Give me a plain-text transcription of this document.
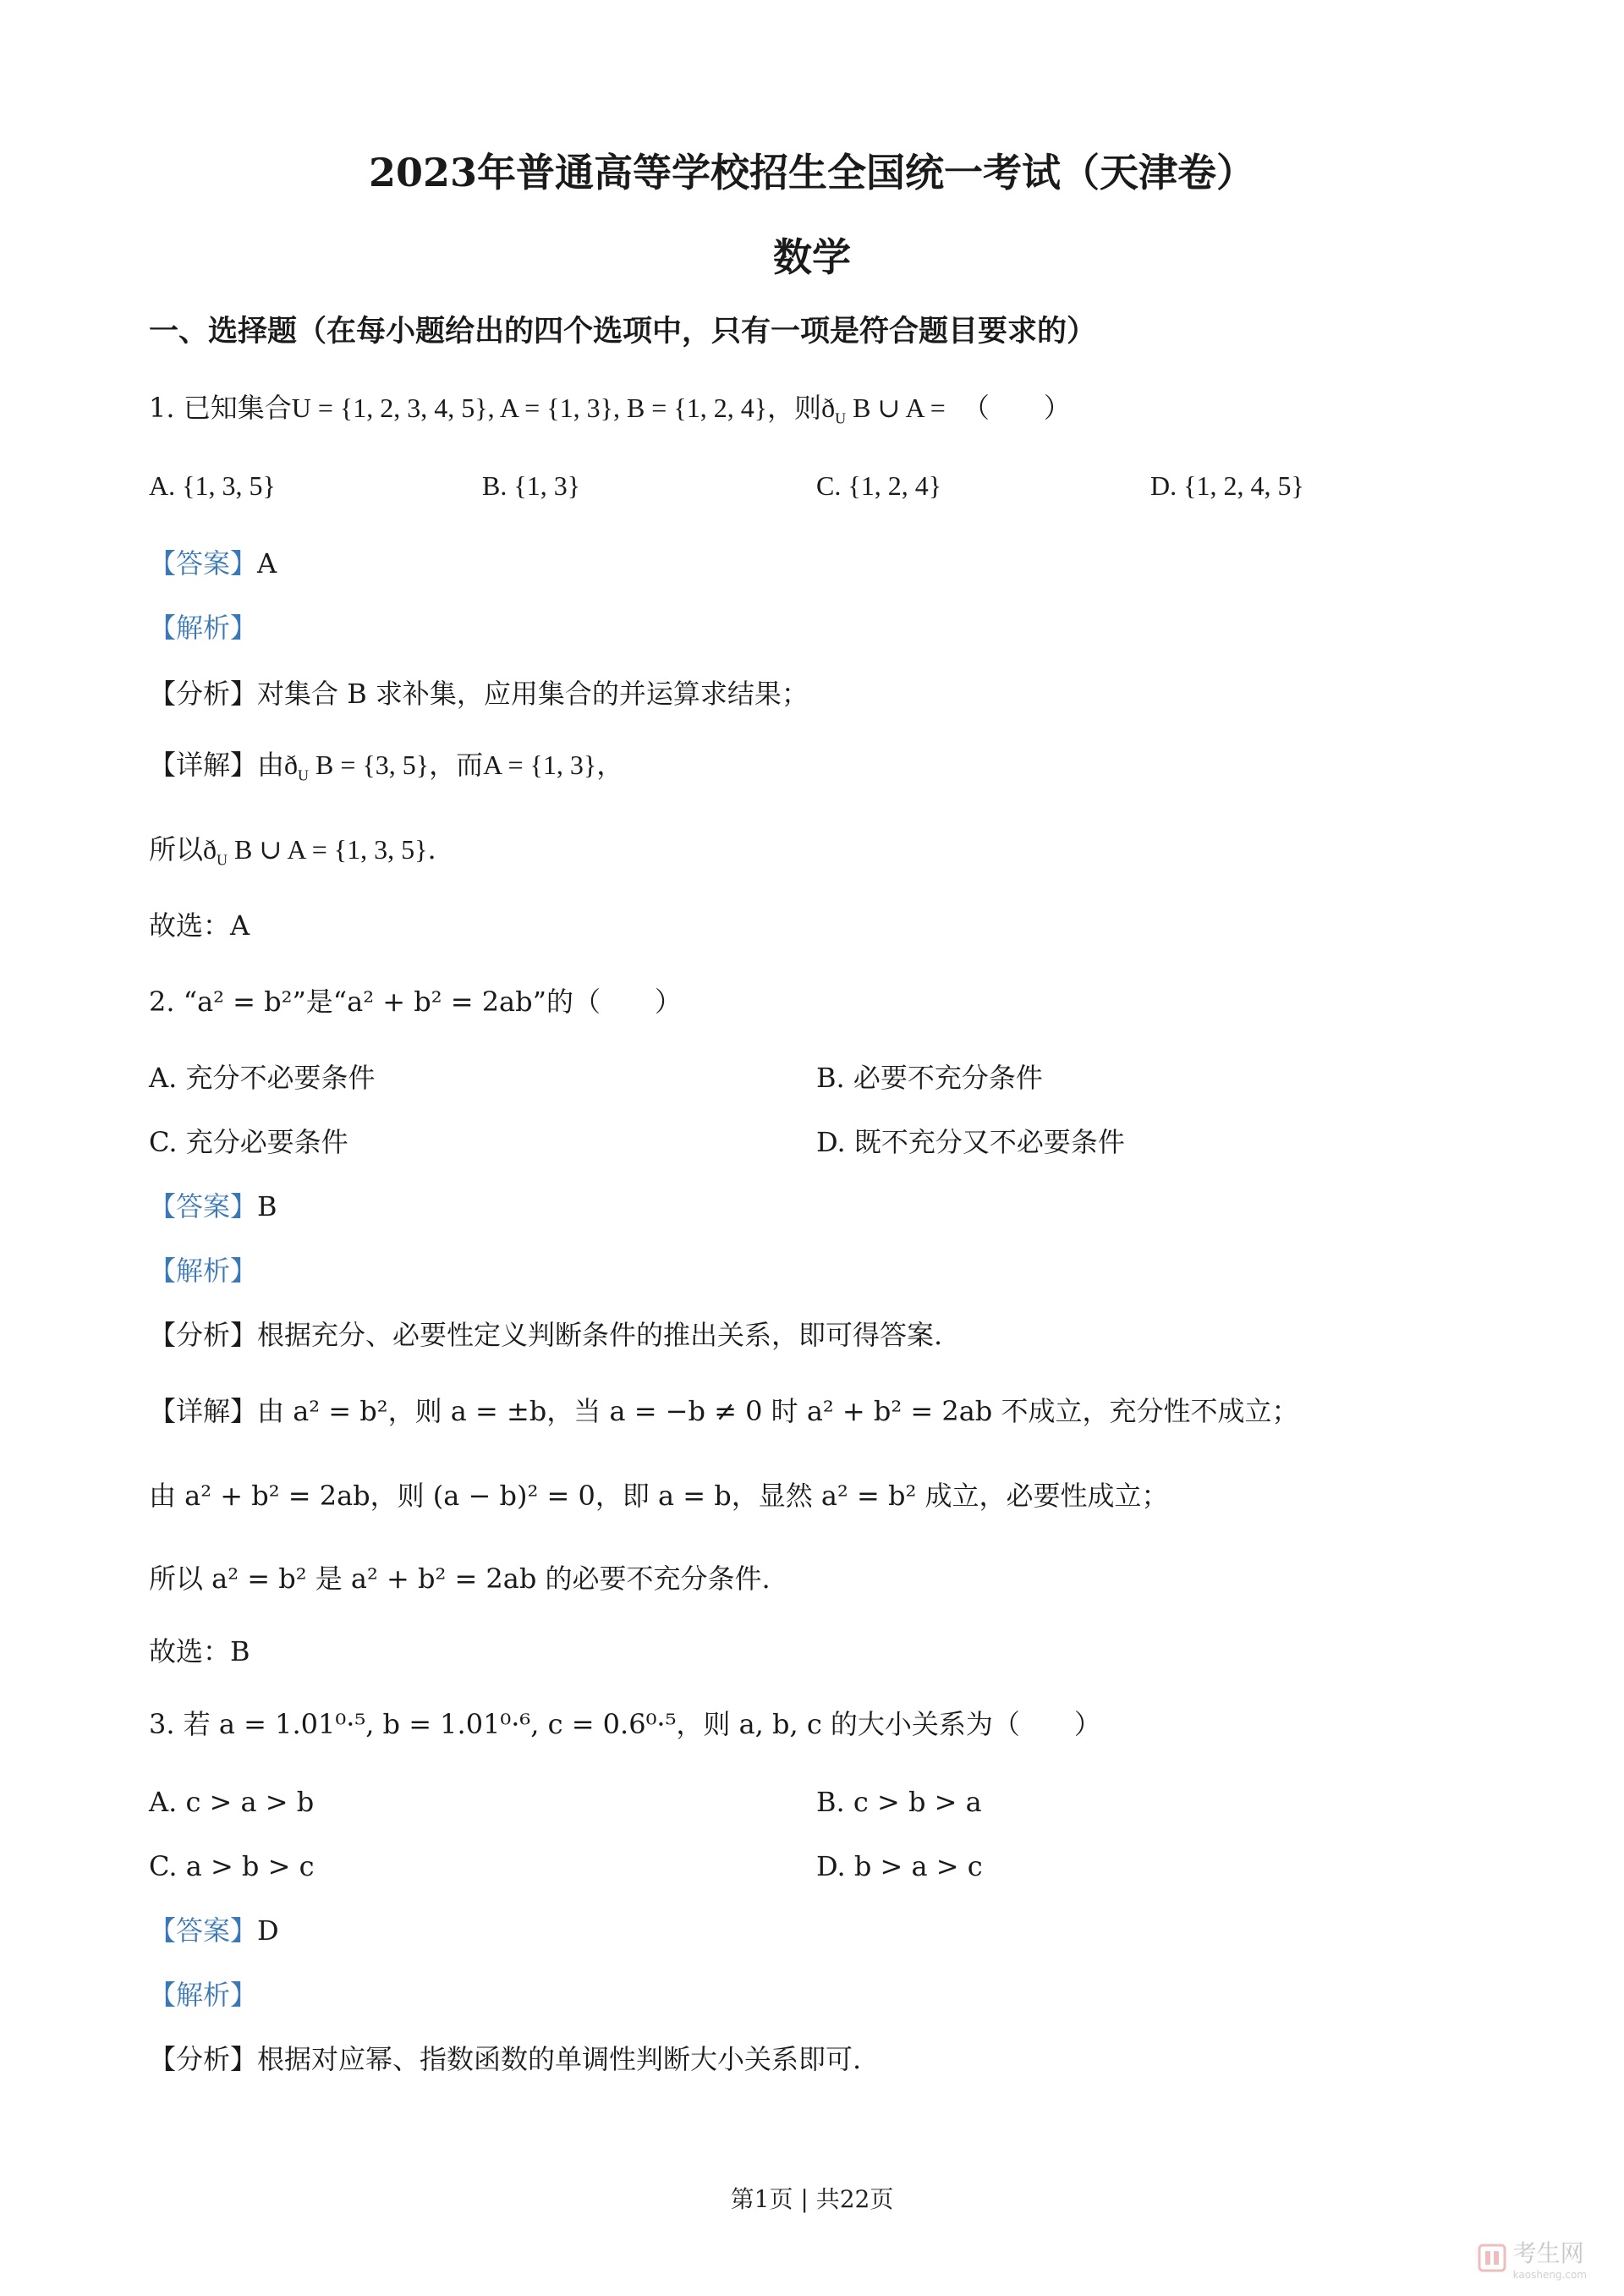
2023年普通高等学校招生全国统一考试（天津卷）
数学
一、选择题（在每小题给出的四个选项中，只有一项是符合题目要求的）
1. 已知集合U = {1, 2, 3, 4, 5}, A = {1, 3}, B = {1, 2, 4}，则$ð_U$ B ∪ A = （　　）
A. {1, 3, 5}	B. {1, 3}	C. {1, 2, 4}	D. {1, 2, 4, 5}
【答案】A
【解析】
【分析】对集合 B 求补集，应用集合的并运算求结果；
【详解】由$ð_U$ B = {3, 5}，而A = {1, 3}，
所以$ð_U$ B ∪ A = {1, 3, 5}.
故选：A
2. “a² = b²”是“a² + b² = 2ab”的（　　）
A. 充分不必要条件	B. 必要不充分条件
C. 充分必要条件	D. 既不充分又不必要条件
【答案】B
【解析】
【分析】根据充分、必要性定义判断条件的推出关系，即可得答案.
【详解】由 a² = b²，则 a = ±b，当 a = −b ≠ 0 时 a² + b² = 2ab 不成立，充分性不成立；
由 a² + b² = 2ab，则 (a − b)² = 0，即 a = b，显然 a² = b² 成立，必要性成立；
所以 a² = b² 是 a² + b² = 2ab 的必要不充分条件.
故选：B
3. 若 a = 1.01⁰·⁵, b = 1.01⁰·⁶, c = 0.6⁰·⁵，则 a, b, c 的大小关系为（　　）
A. c > a > b	B. c > b > a
C. a > b > c	D. b > a > c
【答案】D
【解析】
【分析】根据对应幂、指数函数的单调性判断大小关系即可.
第1页 | 共22页
考生网
kaosheng.com
